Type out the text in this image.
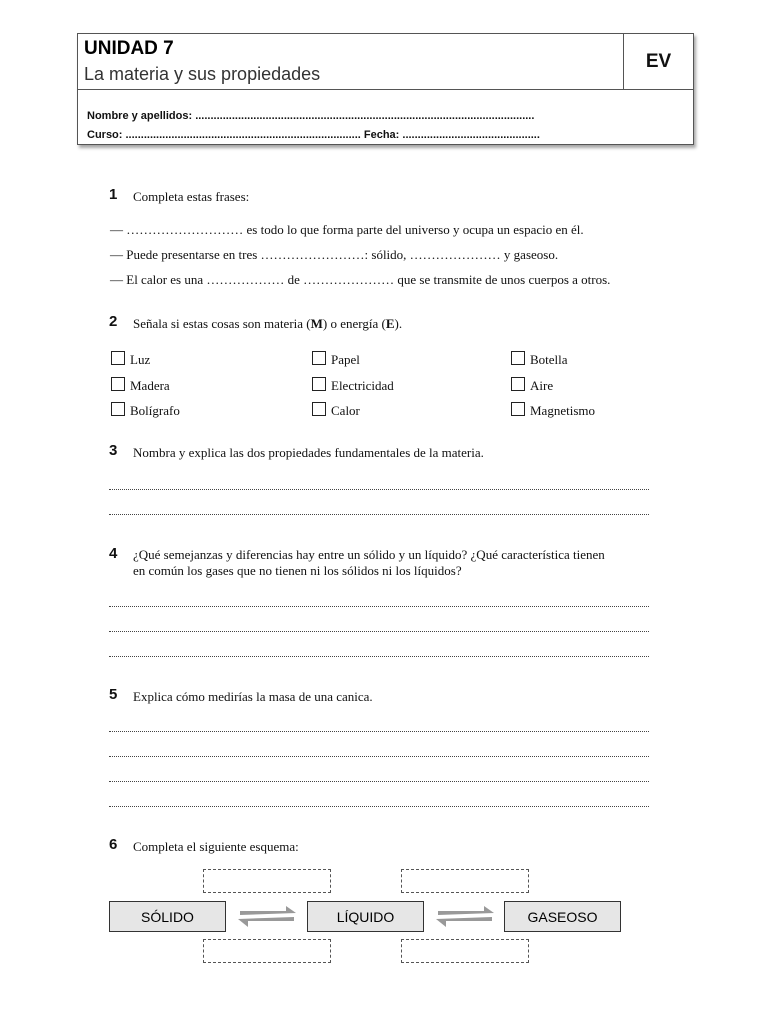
UNIDAD 7
La materia y sus propiedades
EV
Nombre y apellidos: ...............................................................................................................
Curso: ............................................................................. Fecha: .............................................
1 Completa estas frases:
— ……………………… es todo lo que forma parte del universo y ocupa un espacio en él.
— Puede presentarse en tres ……………………: sólido, ………………… y gaseoso.
— El calor es una ……………… de ………………… que se transmite de unos cuerpos a otros.
2 Señala si estas cosas son materia (M) o energía (E).
Luz	Papel	Botella
Madera	Electricidad	Aire
Bolígrafo	Calor	Magnetismo
3 Nombra y explica las dos propiedades fundamentales de la materia.
4 ¿Qué semejanzas y diferencias hay entre un sólido y un líquido? ¿Qué característica tienen
en común los gases que no tienen ni los sólidos ni los líquidos?
5 Explica cómo medirías la masa de una canica.
6 Completa el siguiente esquema:
SÓLIDO	LÍQUIDO	GASEOSO
